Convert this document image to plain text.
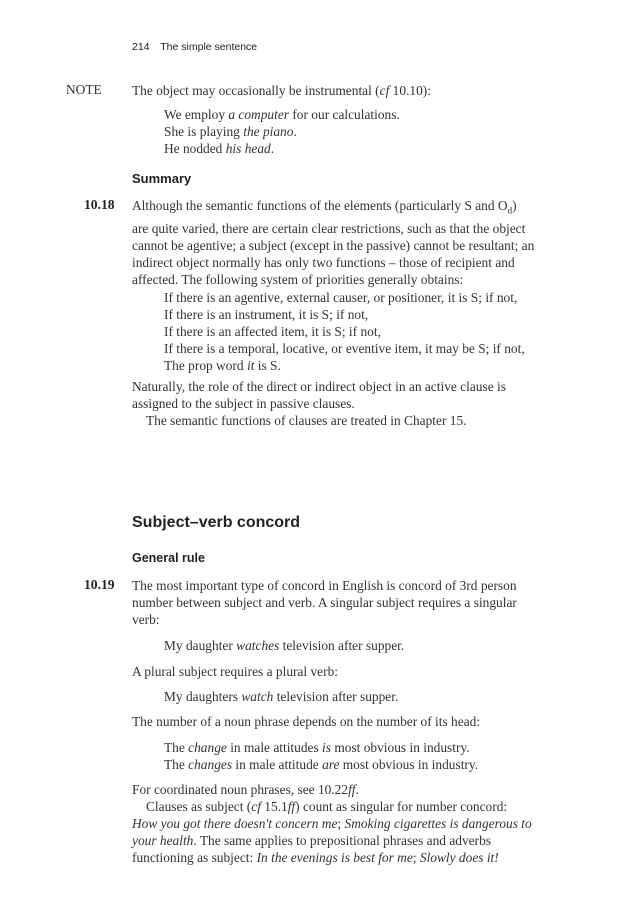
214 The simple sentence
NOTE The object may occasionally be instrumental (cf 10.10):
We employ a computer for our calculations.
She is playing the piano.
He nodded his head.
Summary
10.18 Although the semantic functions of the elements (particularly S and $O_d$)
are quite varied, there are certain clear restrictions, such as that the object
cannot be agentive; a subject (except in the passive) cannot be resultant; an
indirect object normally has only two functions – those of recipient and
affected. The following system of priorities generally obtains:
If there is an agentive, external causer, or positioner, it is S; if not,
If there is an instrument, it is S; if not,
If there is an affected item, it is S; if not,
If there is a temporal, locative, or eventive item, it may be S; if not,
The prop word it is S.
Naturally, the role of the direct or indirect object in an active clause is
assigned to the subject in passive clauses.
The semantic functions of clauses are treated in Chapter 15.
Subject–verb concord
General rule
10.19 The most important type of concord in English is concord of 3rd person
number between subject and verb. A singular subject requires a singular
verb:
My daughter watches television after supper.
A plural subject requires a plural verb:
My daughters watch television after supper.
The number of a noun phrase depends on the number of its head:
The change in male attitudes is most obvious in industry.
The changes in male attitude are most obvious in industry.
For coordinated noun phrases, see 10.22ff.
Clauses as subject (cf 15.1ff) count as singular for number concord:
How you got there doesn't concern me; Smoking cigarettes is dangerous to
your health. The same applies to prepositional phrases and adverbs
functioning as subject: In the evenings is best for me; Slowly does it!
